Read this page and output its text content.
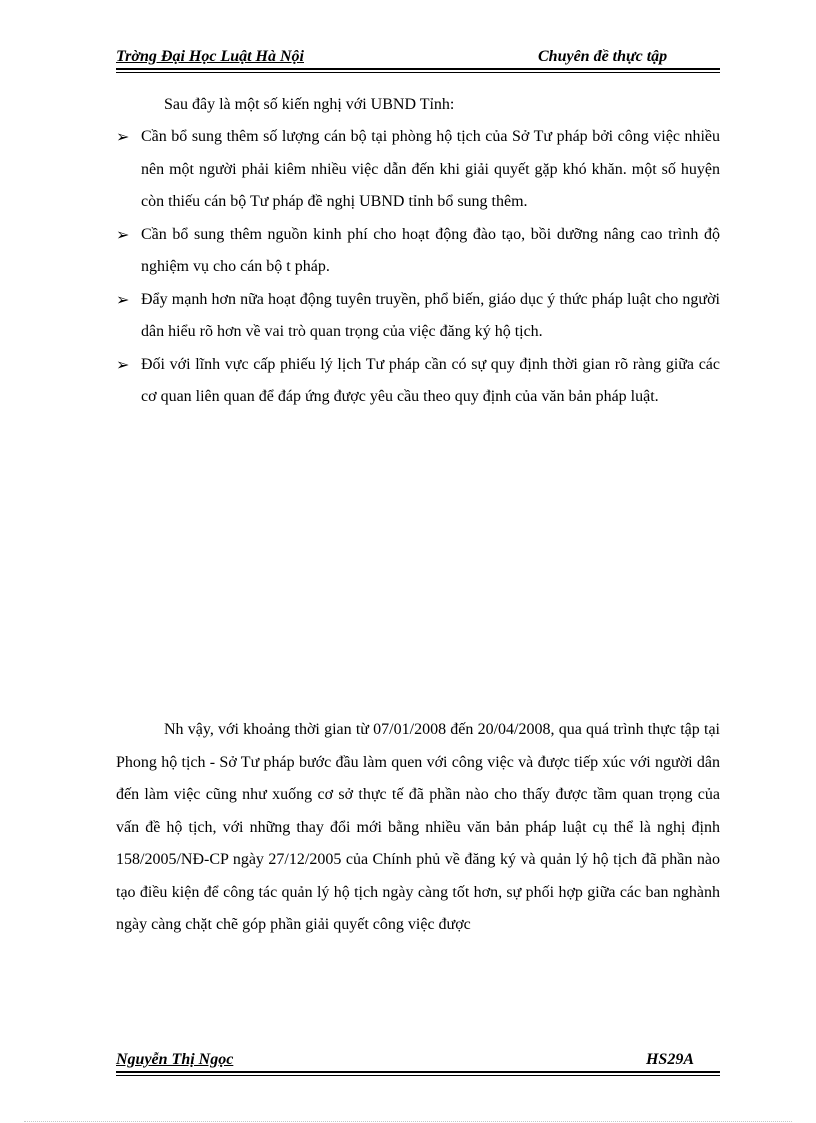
Trờng Đại Học Luật Hà Nội	Chuyên đề thực tập
Sau đây là một số kiến nghị với UBND Tỉnh:
➢ Cần bổ sung thêm số lượng cán bộ tại phòng hộ tịch của Sở Tư pháp bởi công việc nhiều nên một người phải kiêm nhiều việc dẫn đến khi giải quyết gặp khó khăn. một số huyện còn thiếu cán bộ Tư pháp đề nghị UBND tỉnh bổ sung thêm.
➢ Cần bổ sung thêm nguồn kinh phí cho hoạt động đào tạo, bồi dưỡng nâng cao trình độ nghiệm vụ cho cán bộ t pháp.
➢ Đẩy mạnh hơn nữa hoạt động tuyên truyền, phổ biến, giáo dục ý thức pháp luật cho người dân hiểu rõ hơn về vai trò quan trọng của việc đăng ký hộ tịch.
➢ Đối với lĩnh vực cấp phiếu lý lịch Tư pháp cần có sự quy định thời gian rõ ràng giữa các cơ quan liên quan để đáp ứng được yêu cầu theo quy định của văn bản pháp luật.

Nh vậy, với khoảng thời gian từ 07/01/2008 đến 20/04/2008, qua quá trình thực tập tại Phong hộ tịch - Sở Tư pháp bước đầu làm quen với công việc và được tiếp xúc với người dân đến làm việc cũng như xuống cơ sở thực tế đã phần nào cho thấy được tầm quan trọng của vấn đề hộ tịch, với những thay đổi mới bằng nhiều văn bản pháp luật cụ thể là nghị định 158/2005/NĐ-CP ngày 27/12/2005 của Chính phủ về đăng ký và quản lý hộ tịch đã phần nào tạo điều kiện để công tác quản lý hộ tịch ngày càng tốt hơn, sự phối hợp giữa các ban nghành ngày càng chặt chẽ góp phần giải quyết công việc được

Nguyễn Thị Ngọc	HS29A
